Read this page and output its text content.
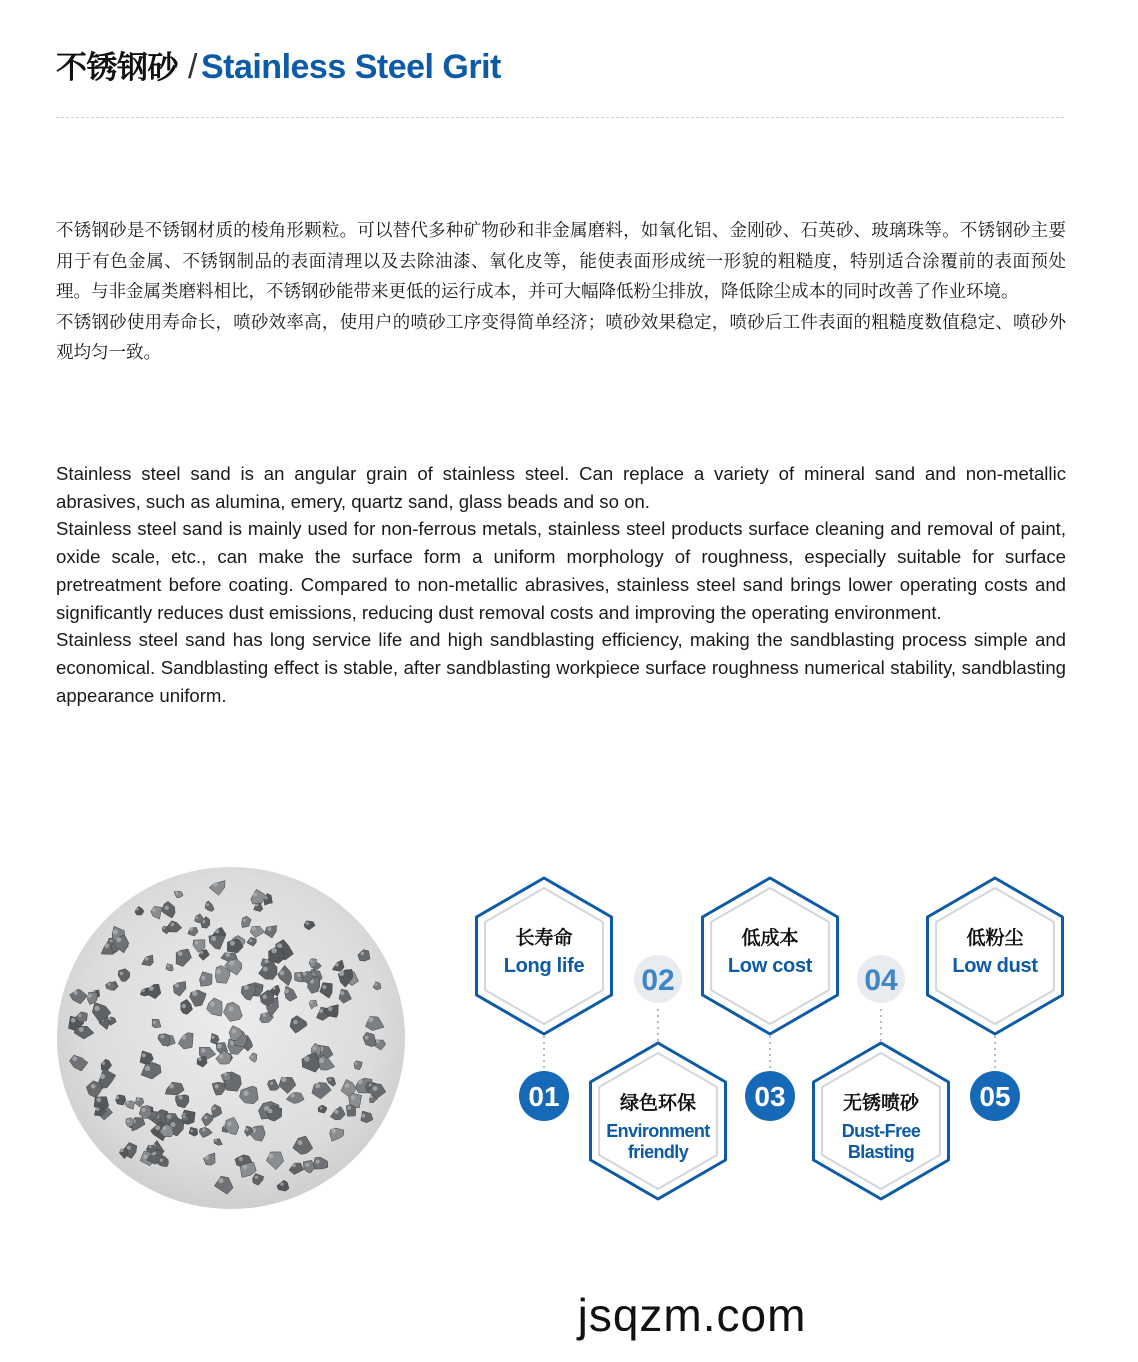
不锈钢砂 / Stainless Steel Grit

不锈钢砂是不锈钢材质的棱角形颗粒。可以替代多种矿物砂和非金属磨料，如氧化铝、金刚砂、石英砂、玻璃珠等。不锈钢砂主要用于有色金属、不锈钢制品的表面清理以及去除油漆、氧化皮等，能使表面形成统一形貌的粗糙度，特别适合涂覆前的表面预处理。与非金属类磨料相比，不锈钢砂能带来更低的运行成本，并可大幅降低粉尘排放，降低除尘成本的同时改善了作业环境。

不锈钢砂使用寿命长，喷砂效率高，使用户的喷砂工序变得简单经济；喷砂效果稳定，喷砂后工件表面的粗糙度数值稳定、喷砂外观均匀一致。

Stainless steel sand is an angular grain of stainless steel. Can replace a variety of mineral sand and non-metallic abrasives, such as alumina, emery, quartz sand, glass beads and so on.

Stainless steel sand is mainly used for non-ferrous metals, stainless steel products surface cleaning and removal of paint, oxide scale, etc., can make the surface form a uniform morphology of roughness, especially suitable for surface pretreatment before coating. Compared to non-metallic abrasives, stainless steel sand brings lower operating costs and significantly reduces dust emissions, reducing dust removal costs and improving the operating environment.

Stainless steel sand has long service life and high sandblasting efficiency, making the sandblasting process simple and economical. Sandblasting effect is stable, after sandblasting workpiece surface roughness numerical stability, sandblasting appearance uniform.

长寿命
Long life
01	绿色环保
Environment
friendly
02
低成本
Low cost
03	无锈喷砂
Dust-Free
Blasting
04
低粉尘
Low dust
05

jsqzm.com
